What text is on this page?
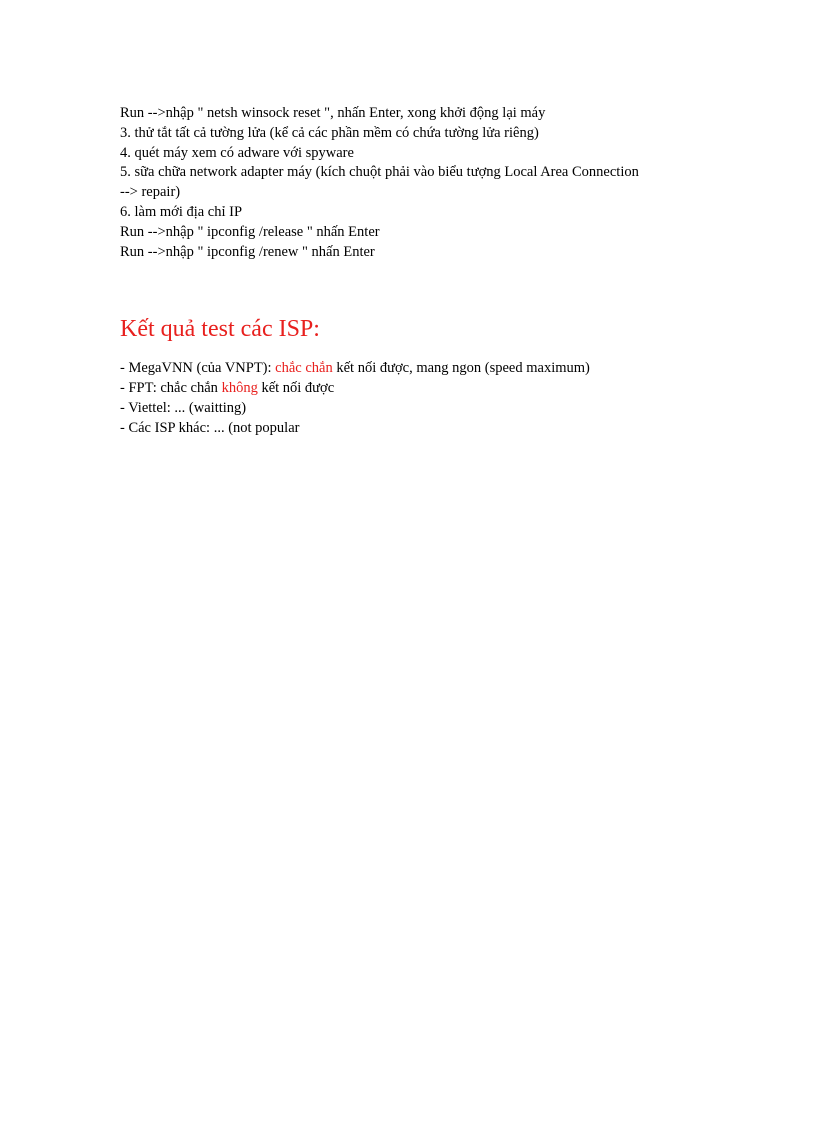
Run -->nhập " netsh winsock reset ", nhấn Enter, xong khởi động lại máy
3. thử tắt tất cả tường lửa (kể cả các phần mềm có chứa tường lửa riêng)
4. quét máy xem có adware với spyware
5. sữa chữa network adapter máy (kích chuột phải vào biểu tượng Local Area Connection
--> repair)
6. làm mới địa chỉ IP
Run -->nhập " ipconfig /release " nhấn Enter
Run -->nhập " ipconfig /renew " nhấn Enter
Kết quả test các ISP:
- MegaVNN (của VNPT): chắc chắn kết nối được, mang ngon (speed maximum)
- FPT: chắc chắn không kết nối được
- Viettel: ... (waitting)
- Các ISP khác: ... (not popular
